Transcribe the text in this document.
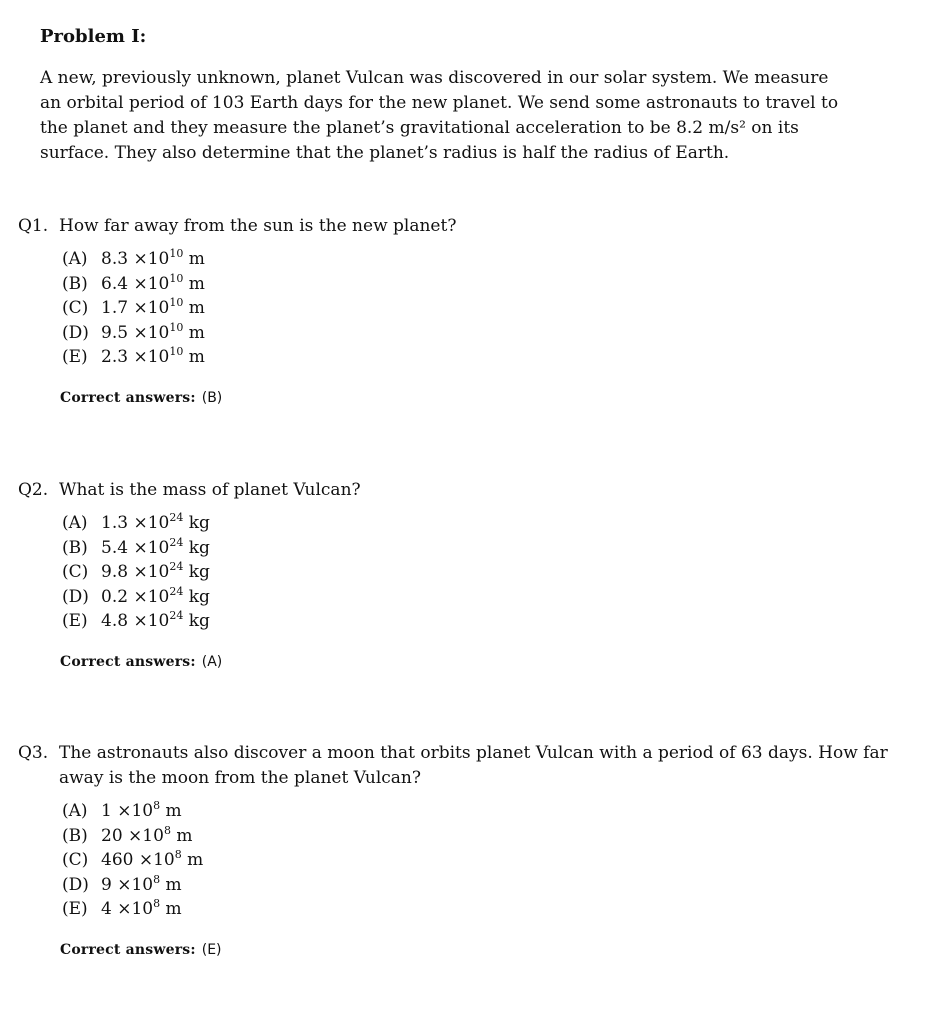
Problem I:

A new, previously unknown, planet Vulcan was discovered in our solar system. We measure an orbital period of 103 Earth days for the new planet. We send some astronauts to travel to the planet and they measure the planet’s gravitational acceleration to be 8.2 m/s² on its surface. They also determine that the planet’s radius is half the radius of Earth.

Q1. How far away from the sun is the new planet?
(A) $8.3 \times 10^{10}$ m
(B) $6.4 \times 10^{10}$ m
(C) $1.7 \times 10^{10}$ m
(D) $9.5 \times 10^{10}$ m
(E) $2.3 \times 10^{10}$ m
Correct answers: (B)
Q2. What is the mass of planet Vulcan?
(A) $1.3 \times 10^{24}$ kg
(B) $5.4 \times 10^{24}$ kg
(C) $9.8 \times 10^{24}$ kg
(D) $0.2 \times 10^{24}$ kg
(E) $4.8 \times 10^{24}$ kg
Correct answers: (A)
Q3. The astronauts also discover a moon that orbits planet Vulcan with a period of 63 days. How far away is the moon from the planet Vulcan?
(A) $1 \times 10^8$ m
(B) $20 \times 10^8$ m
(C) $460 \times 10^8$ m
(D) $9 \times 10^8$ m
(E) $4 \times 10^8$ m
Correct answers: (E)
